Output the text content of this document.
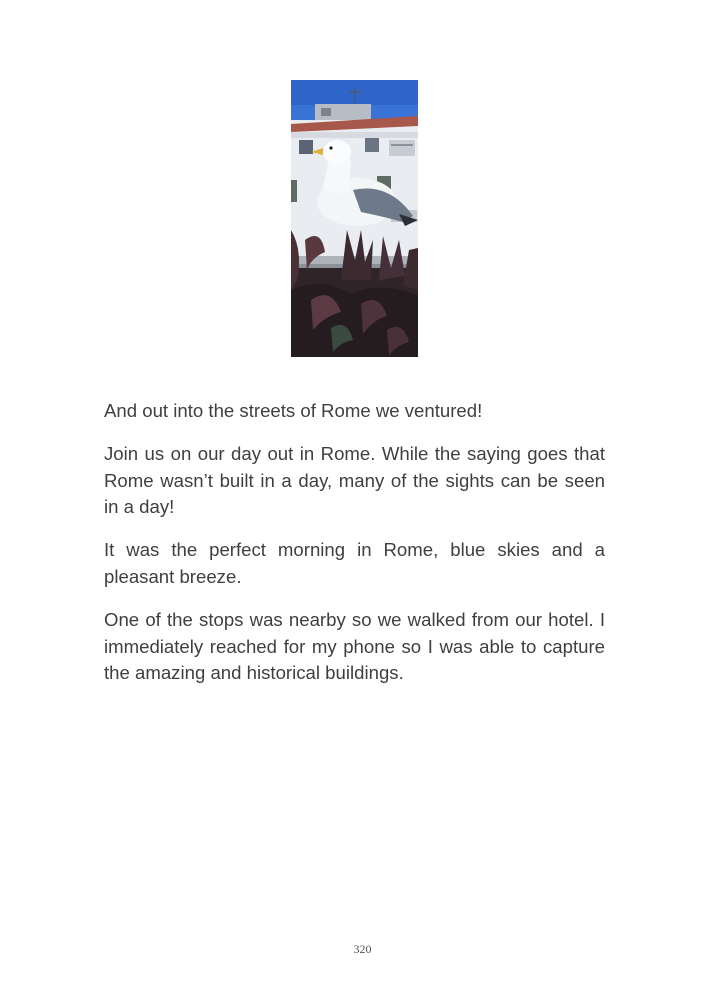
And out into the streets of Rome we ventured!

Join us on our day out in Rome. While the saying goes that Rome wasn’t built in a day, many of the sights can be seen in a day!

It was the perfect morning in Rome, blue skies and a pleasant breeze.

One of the stops was nearby so we walked from our hotel. I immediately reached for my phone so I was able to capture the amazing and historical buildings.

320
